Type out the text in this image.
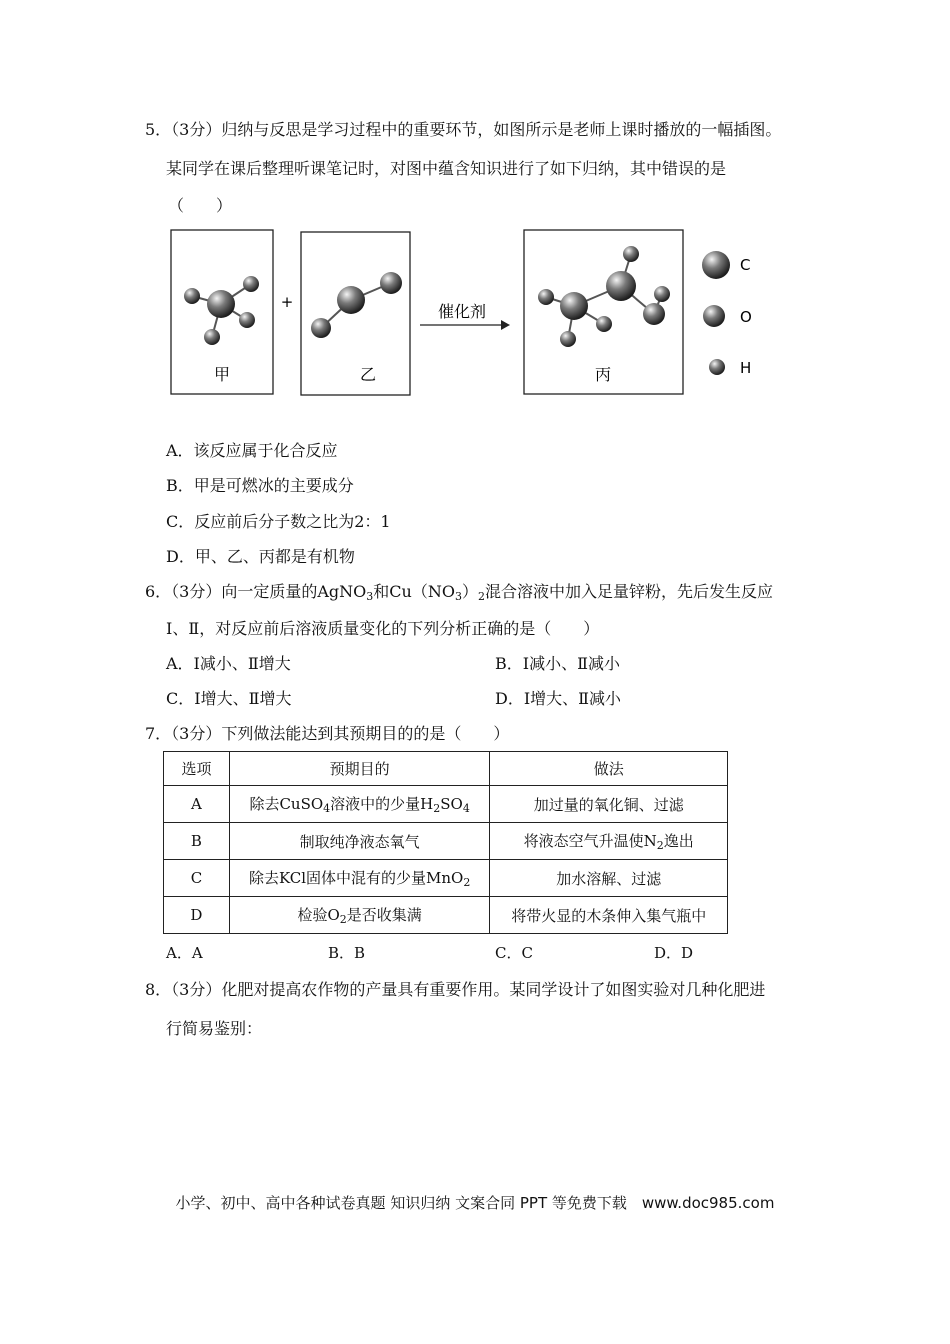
5．（3分）归纳与反思是学习过程中的重要环节，如图所示是老师上课时播放的一幅插图。
某同学在课后整理听课笔记时，对图中蕴含知识进行了如下归纳，其中错误的是
（　　）
甲
+
乙
催化剂
丙
C
O
H
A．该反应属于化合反应
B．甲是可燃冰的主要成分
C．反应前后分子数之比为2：1
D．甲、乙、丙都是有机物
6．（3分）向一定质量的AgNO$_3$和$Cu(NO_3)_2$混合溶液中加入足量锌粉，先后发生反应
Ⅰ、Ⅱ，对反应前后溶液质量变化的下列分析正确的是（　　）
A．Ⅰ减小、Ⅱ增大	B．Ⅰ减小、Ⅱ减小
C．Ⅰ增大、Ⅱ增大	D．Ⅰ增大、Ⅱ减小
7．（3分）下列做法能达到其预期目的的是（　　）
选项	预期目的	做法
A	除去CuSO$_4$溶液中的少量$H_2SO_4$	加过量的氧化铜、过滤
B	制取纯净液态氧气	将液态空气升温使$N_2$逸出
C	除去KCl固体中混有的少量MnO$_2$	加水溶解、过滤
D	检验$O_2$是否收集满	将带火显的木条伸入集气瓶中
A．A	B．B	C．C	D．D
8．（3分）化肥对提高农作物的产量具有重要作用。某同学设计了如图实验对几种化肥进
行简易鉴别：
小学、初中、高中各种试卷真题 知识归纳 文案合同 PPT 等免费下载　www.doc985.com
